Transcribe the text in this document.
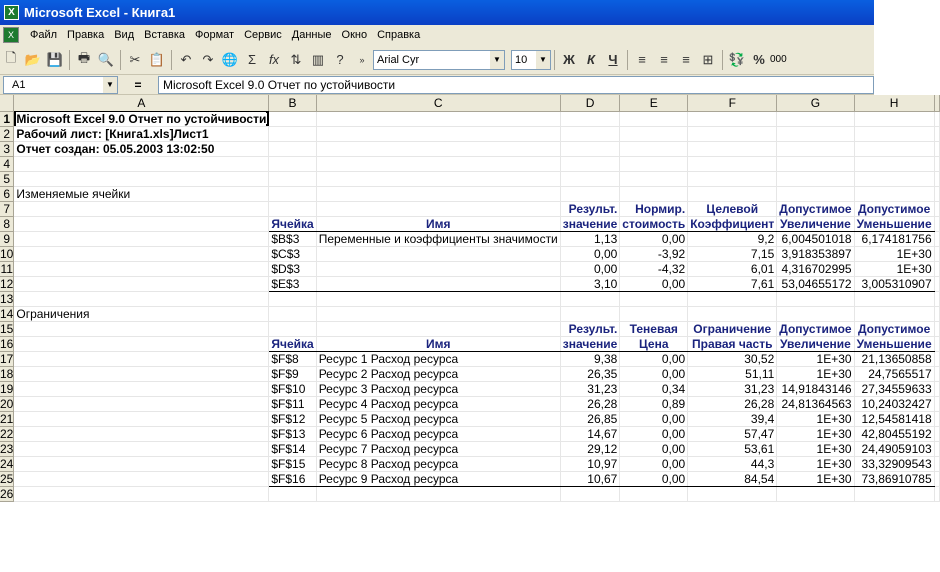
X Microsoft Excel - Книга1
X	Файл Правка Вид Вставка Формат Сервис Данные Окно Справка
🗋 📂 💾	🖶 🔍	✂ 📋	↶ ↷ 🌐 Σ fx ⇅ ▥ ?	»	Arial Cyr	▼ 10	▼	Ж К	Ч	≡	≡	≡ ⊞	💱 % 000
A1	▼	=	Microsoft Excel 9.0 Отчет по устойчивости
	A	B	C	D	E	F	G	H	
1	Microsoft Excel 9.0 Отчет по устойчивости								
2	Рабочий лист: [Книга1.xls]Лист1								
3	Отчет создан: 05.05.2003 13:02:50								
4									
5									
6	Изменяемые ячейки								
7				Результ.	Нормир.	Целевой	Допустимое	Допустимое	
8		Ячейка	Имя	значение	стоимость	Коэффициент	Увеличение	Уменьшение	
9		$B$3	Переменные и коэффициенты значимости	1,13	0,00	9,2	6,004501018	6,174181756	
10		$C$3		0,00	-3,92	7,15	3,918353897	1E+30	
11		$D$3		0,00	-4,32	6,01	4,316702995	1E+30	
12		$E$3		3,10	0,00	7,61	53,04655172	3,005310907	
13									
14	Ограничения								
15				Результ.	Теневая	Ограничение	Допустимое	Допустимое	
16		Ячейка	Имя	значение	Цена	Правая часть	Увеличение	Уменьшение	
17		$F$8	Ресурс 1 Расход ресурса	9,38	0,00	30,52	1E+30	21,13650858	
18		$F$9	Ресурс 2 Расход ресурса	26,35	0,00	51,11	1E+30	24,7565517	
19		$F$10	Ресурс 3 Расход ресурса	31,23	0,34	31,23	14,91843146	27,34559633	
20		$F$11	Ресурс 4 Расход ресурса	26,28	0,89	26,28	24,81364563	10,24032427	
21		$F$12	Ресурс 5 Расход ресурса	26,85	0,00	39,4	1E+30	12,54581418	
22		$F$13	Ресурс 6 Расход ресурса	14,67	0,00	57,47	1E+30	42,80455192	
23		$F$14	Ресурс 7 Расход ресурса	29,12	0,00	53,61	1E+30	24,49059103	
24		$F$15	Ресурс 8 Расход ресурса	10,97	0,00	44,3	1E+30	33,32909543	
25		$F$16	Ресурс 9 Расход ресурса	10,67	0,00	84,54	1E+30	73,86910785	
26									
